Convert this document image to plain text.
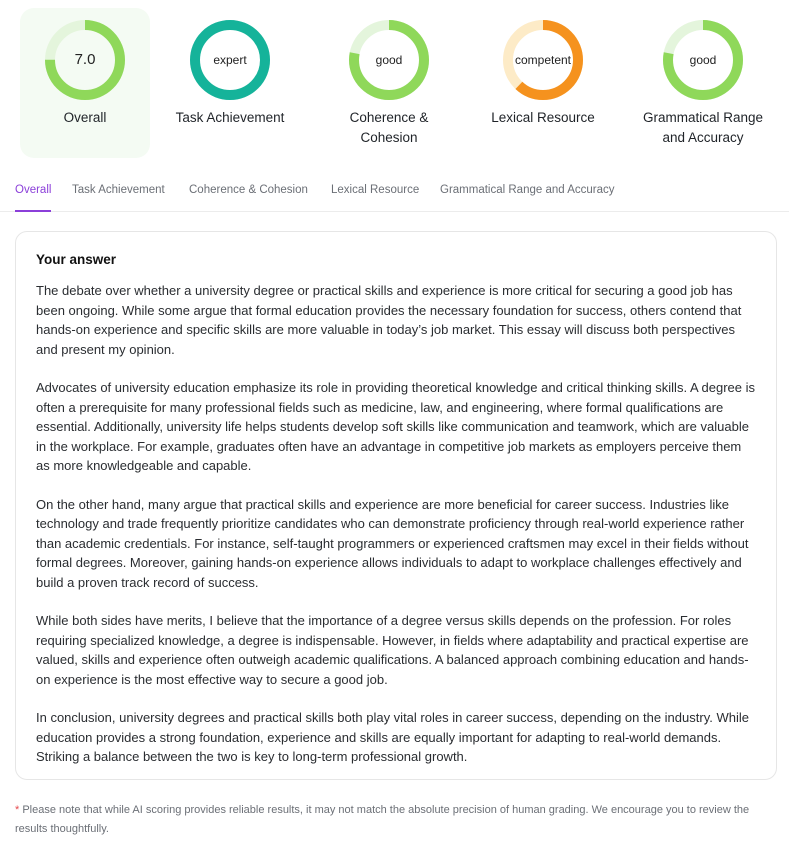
7.0
Overall
expert
Task Achievement
good
Coherence & Cohesion
competent
Lexical Resource
good
Grammatical Range and Accuracy
Overall Task Achievement Coherence & Cohesion Lexical Resource Grammatical Range and Accuracy
Your answer

The debate over whether a university degree or practical skills and experience is more critical for securing a good job has been ongoing. While some argue that formal education provides the necessary foundation for success, others contend that hands-on experience and specific skills are more valuable in today’s job market. This essay will discuss both perspectives and present my opinion.

Advocates of university education emphasize its role in providing theoretical knowledge and critical thinking skills. A degree is often a prerequisite for many professional fields such as medicine, law, and engineering, where formal qualifications are essential. Additionally, university life helps students develop soft skills like communication and teamwork, which are valuable in the workplace. For example, graduates often have an advantage in competitive job markets as employers perceive them as more knowledgeable and capable.

On the other hand, many argue that practical skills and experience are more beneficial for career success. Industries like technology and trade frequently prioritize candidates who can demonstrate proficiency through real-world experience rather than academic credentials. For instance, self-taught programmers or experienced craftsmen may excel in their fields without formal degrees. Moreover, gaining hands-on experience allows individuals to adapt to workplace challenges effectively and build a proven track record of success.

While both sides have merits, I believe that the importance of a degree versus skills depends on the profession. For roles requiring specialized knowledge, a degree is indispensable. However, in fields where adaptability and practical expertise are valued, skills and experience often outweigh academic qualifications. A balanced approach combining education and hands-on experience is the most effective way to secure a good job.

In conclusion, university degrees and practical skills both play vital roles in career success, depending on the industry. While education provides a strong foundation, experience and skills are equally important for adapting to real-world demands. Striking a balance between the two is key to long-term professional growth.

* Please note that while AI scoring provides reliable results, it may not match the absolute precision of human grading. We encourage you to review the results thoughtfully.
